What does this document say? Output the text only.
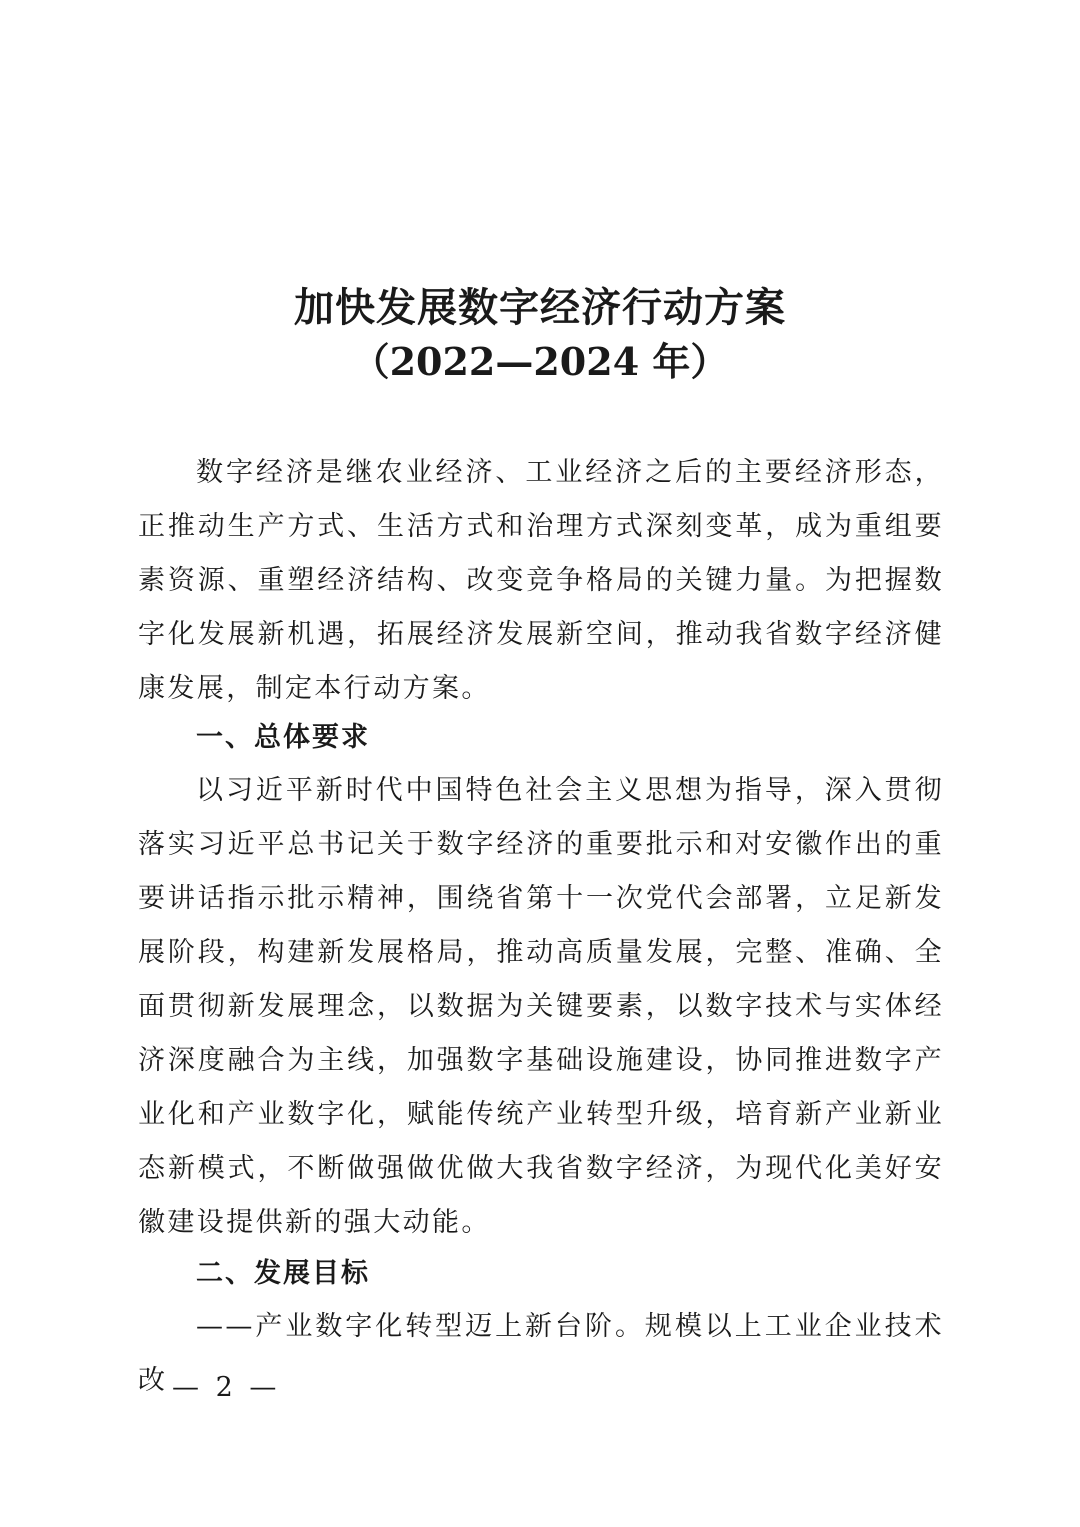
加快发展数字经济行动方案
（2022—2024 年）

数字经济是继农业经济、工业经济之后的主要经济形态，正推动生产方式、生活方式和治理方式深刻变革，成为重组要素资源、重塑经济结构、改变竞争格局的关键力量。为把握数字化发展新机遇，拓展经济发展新空间，推动我省数字经济健康发展，制定本行动方案。

一、总体要求

以习近平新时代中国特色社会主义思想为指导，深入贯彻落实习近平总书记关于数字经济的重要批示和对安徽作出的重要讲话指示批示精神，围绕省第十一次党代会部署，立足新发展阶段，构建新发展格局，推动高质量发展，完整、准确、全面贯彻新发展理念，以数据为关键要素，以数字技术与实体经济深度融合为主线，加强数字基础设施建设，协同推进数字产业化和产业数字化，赋能传统产业转型升级，培育新产业新业态新模式，不断做强做优做大我省数字经济，为现代化美好安徽建设提供新的强大动能。

二、发展目标

——产业数字化转型迈上新台阶。规模以上工业企业技术改 — 2 —
